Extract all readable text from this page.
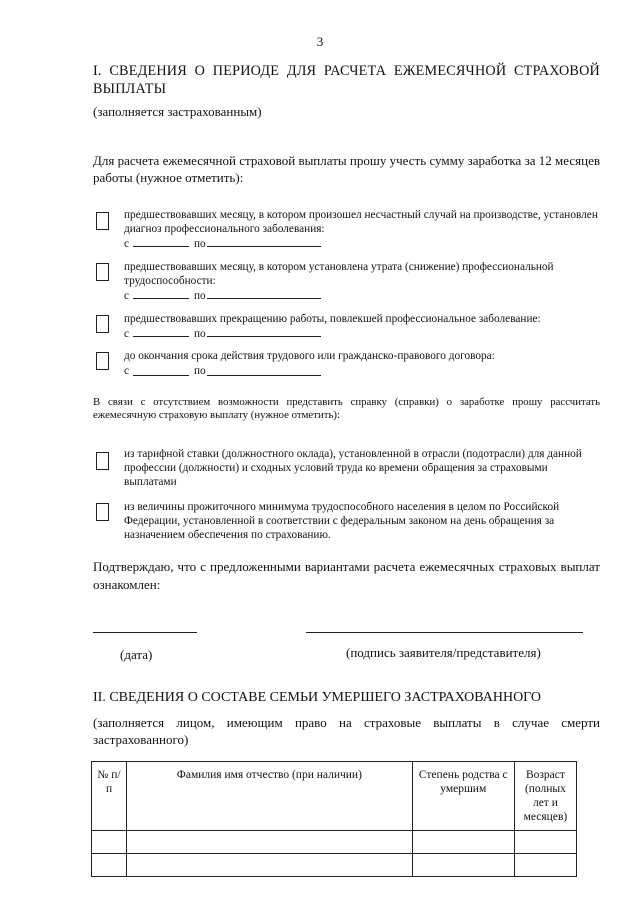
3
I. СВЕДЕНИЯ О ПЕРИОДЕ ДЛЯ РАСЧЕТА ЕЖЕМЕСЯЧНОЙ СТРАХОВОЙ ВЫПЛАТЫ
(заполняется застрахованным)
Для расчета ежемесячной страховой выплаты прошу учесть сумму заработка за 12 месяцев работы (нужное отметить):
предшествовавших месяцу, в котором произошел несчастный случай на производстве, установлен диагноз профессионального заболевания:
с	по
предшествовавших месяцу, в котором установлена утрата (снижение) профессиональной трудоспособности:
с	по
предшествовавших прекращению работы, повлекшей профессиональное заболевание:
с	по
до окончания срока действия трудового или гражданско-правового договора:
с	по
В связи с отсутствием возможности представить справку (справки) о заработке прошу рассчитать ежемесячную страховую выплату (нужное отметить):
из тарифной ставки (должностного оклада), установленной в отрасли (подотрасли) для данной профессии (должности) и сходных условий труда ко времени обращения за страховыми выплатами
из величины прожиточного минимума трудоспособного населения в целом по Российской Федерации, установленной в соответствии с федеральным законом на день обращения за назначением обеспечения по страхованию.
Подтверждаю, что с предложенными вариантами расчета ежемесячных страховых выплат ознакомлен:
(дата)	(подпись заявителя/представителя)
II. СВЕДЕНИЯ О СОСТАВЕ СЕМЬИ УМЕРШЕГО ЗАСТРАХОВАННОГО
(заполняется лицом, имеющим право на страховые выплаты в случае смерти застрахованного)
№ п/п	Фамилия имя отчество (при наличии)	Степень родства с умершим	Возраст (полных лет и месяцев)
